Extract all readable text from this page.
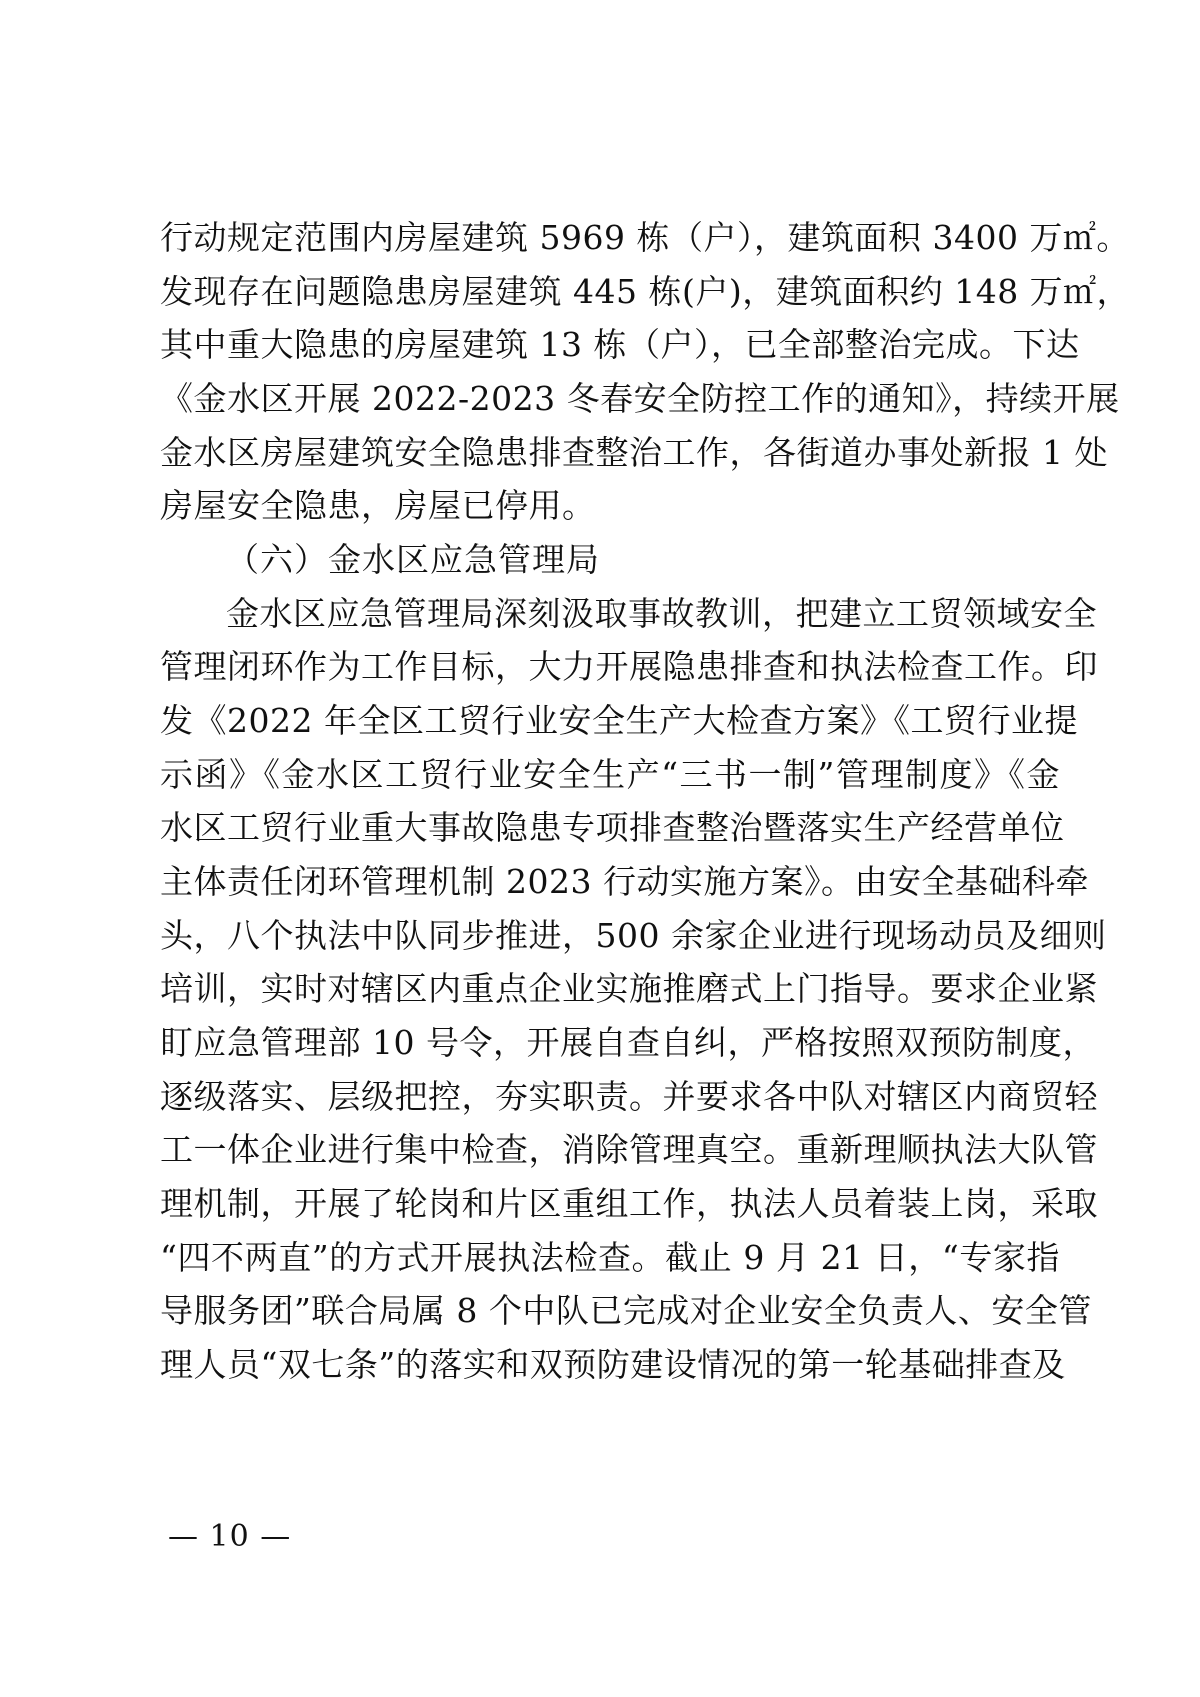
行动规定范围内房屋建筑 5969 栋（户），建筑面积 3400 万㎡。
发现存在问题隐患房屋建筑 445 栋(户)，建筑面积约 148 万㎡，
其中重大隐患的房屋建筑 13 栋（户），已全部整治完成。下达
《金水区开展 2022-2023 冬春安全防控工作的通知》，持续开展
金水区房屋建筑安全隐患排查整治工作，各街道办事处新报 1 处
房屋安全隐患，房屋已停用。
（六）金水区应急管理局
金水区应急管理局深刻汲取事故教训，把建立工贸领域安全
管理闭环作为工作目标，大力开展隐患排查和执法检查工作。印
发《2022 年全区工贸行业安全生产大检查方案》《工贸行业提
示函》《金水区工贸行业安全生产“三书一制”管理制度》《金
水区工贸行业重大事故隐患专项排查整治暨落实生产经营单位
主体责任闭环管理机制 2023 行动实施方案》。由安全基础科牵
头，八个执法中队同步推进，500 余家企业进行现场动员及细则
培训，实时对辖区内重点企业实施推磨式上门指导。要求企业紧
盯应急管理部 10 号令，开展自查自纠，严格按照双预防制度，
逐级落实、层级把控，夯实职责。并要求各中队对辖区内商贸轻
工一体企业进行集中检查，消除管理真空。重新理顺执法大队管
理机制，开展了轮岗和片区重组工作，执法人员着装上岗，采取
“四不两直”的方式开展执法检查。截止 9 月 21 日，“专家指
导服务团”联合局属 8 个中队已完成对企业安全负责人、安全管
理人员“双七条”的落实和双预防建设情况的第一轮基础排查及
— 10 —
